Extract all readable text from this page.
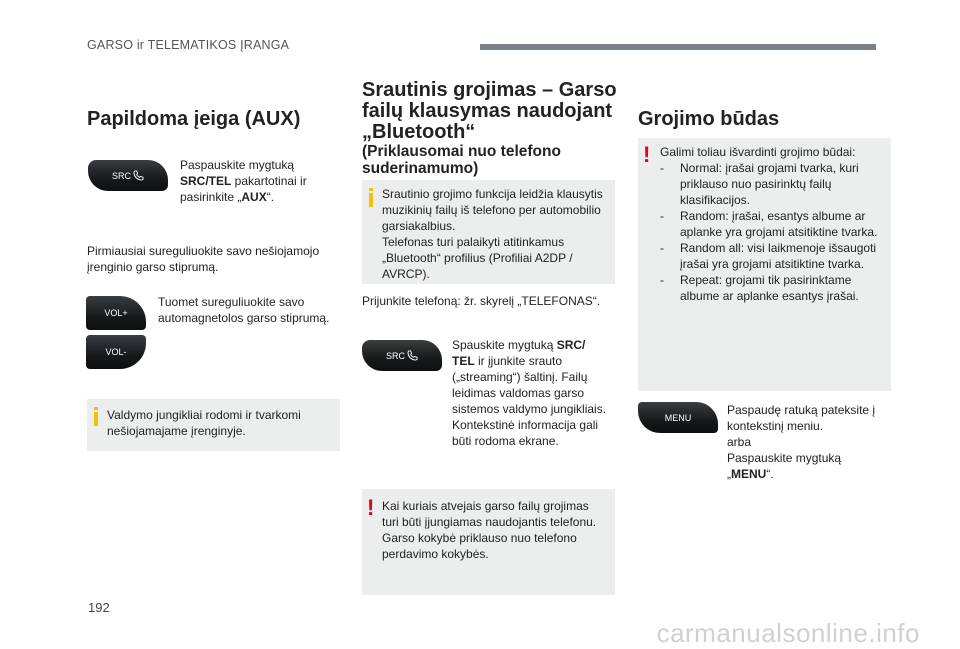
GARSO ir TELEMATIKOS ĮRANGA
Papildoma įeiga (AUX)
SRC
Paspauskite mygtuką
SRC/TEL pakartotinai ir
pasirinkite „AUX“.
Pirmiausiai sureguliuokite savo nešiojamojo įrenginio garso stiprumą.
VOL+
VOL-
Tuomet sureguliuokite savo automagnetolos garso stiprumą.
Valdymo jungikliai rodomi ir tvarkomi nešiojamajame įrenginyje.
Srautinis grojimas – Garso failų klausymas naudojant „Bluetooth“
(Priklausomai nuo telefono suderinamumo)
Srautinio grojimo funkcija leidžia klausytis muzikinių failų iš telefono per automobilio garsiakalbius.
Telefonas turi palaikyti atitinkamus „Bluetooth“ profilius (Profiliai A2DP / AVRCP).
Prijunkite telefoną: žr. skyrelį „TELEFONAS“.
SRC
Spauskite mygtuką SRC/ TEL ir įjunkite srauto („streaming“) šaltinį. Failų leidimas valdomas garso sistemos valdymo jungikliais. Kontekstinė informacija gali būti rodoma ekrane.
! Kai kuriais atvejais garso failų grojimas turi būti įjungiamas naudojantis telefonu. Garso kokybė priklauso nuo telefono perdavimo kokybės.
Grojimo būdas
! Galimi toliau išvardinti grojimo būdai:
- Normal: įrašai grojami tvarka, kuri priklauso nuo pasirinktų failų klasifikacijos.
- Random: įrašai, esantys albume ar aplanke yra grojami atsitiktine tvarka.
- Random all: visi laikmenoje išsaugoti įrašai yra grojami atsitiktine tvarka.
- Repeat: grojami tik pasirinktame albume ar aplanke esantys įrašai.
MENU
Paspaudę ratuką pateksite į kontekstinį meniu.
arba
Paspauskite mygtuką
„MENU“.
192
carmanualsonline.info
